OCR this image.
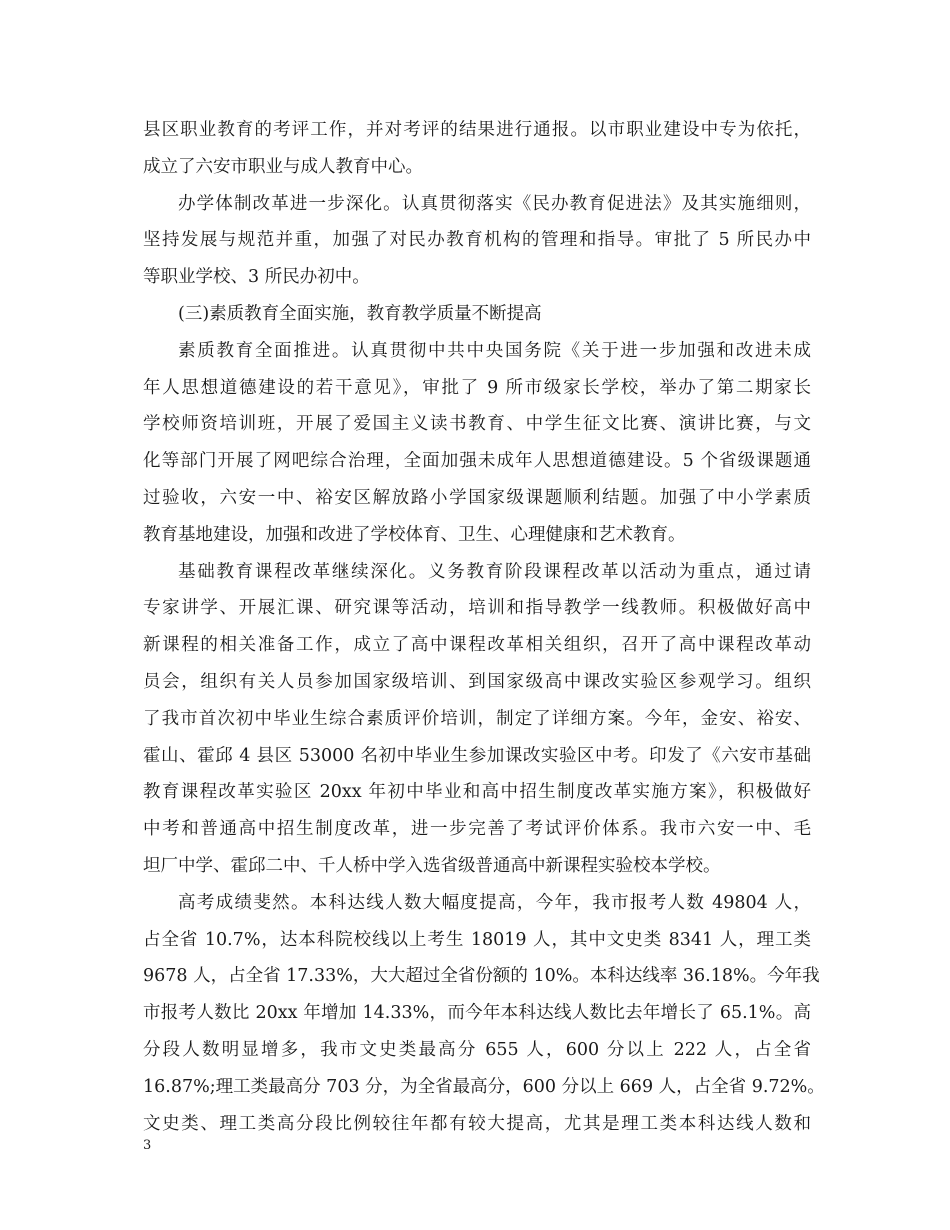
县区职业教育的考评工作，并对考评的结果进行通报。以市职业建设中专为依托，
成立了六安市职业与成人教育中心。
办学体制改革进一步深化。认真贯彻落实《民办教育促进法》及其实施细则，
坚持发展与规范并重，加强了对民办教育机构的管理和指导。审批了 5 所民办中
等职业学校、3 所民办初中。
(三)素质教育全面实施，教育教学质量不断提高
素质教育全面推进。认真贯彻中共中央国务院《关于进一步加强和改进未成
年人思想道德建设的若干意见》，审批了 9 所市级家长学校，举办了第二期家长
学校师资培训班，开展了爱国主义读书教育、中学生征文比赛、演讲比赛，与文
化等部门开展了网吧综合治理，全面加强未成年人思想道德建设。5 个省级课题通
过验收，六安一中、裕安区解放路小学国家级课题顺利结题。加强了中小学素质
教育基地建设，加强和改进了学校体育、卫生、心理健康和艺术教育。
基础教育课程改革继续深化。义务教育阶段课程改革以活动为重点，通过请
专家讲学、开展汇课、研究课等活动，培训和指导教学一线教师。积极做好高中
新课程的相关准备工作，成立了高中课程改革相关组织，召开了高中课程改革动
员会，组织有关人员参加国家级培训、到国家级高中课改实验区参观学习。组织
了我市首次初中毕业生综合素质评价培训，制定了详细方案。今年，金安、裕安、
霍山、霍邱 4 县区 53000 名初中毕业生参加课改实验区中考。印发了《六安市基础
教育课程改革实验区 20xx 年初中毕业和高中招生制度改革实施方案》，积极做好
中考和普通高中招生制度改革，进一步完善了考试评价体系。我市六安一中、毛
坦厂中学、霍邱二中、千人桥中学入选省级普通高中新课程实验校本学校。
高考成绩斐然。本科达线人数大幅度提高，今年，我市报考人数 49804 人，
占全省 10.7%，达本科院校线以上考生 18019 人，其中文史类 8341 人，理工类
9678 人，占全省 17.33%，大大超过全省份额的 10%。本科达线率 36.18%。今年我
市报考人数比 20xx 年增加 14.33%，而今年本科达线人数比去年增长了 65.1%。高
分段人数明显增多，我市文史类最高分 655 人，600 分以上 222 人，占全省
16.87%;理工类最高分 703 分，为全省最高分，600 分以上 669 人，占全省 9.72%。
文史类、理工类高分段比例较往年都有较大提高，尤其是理工类本科达线人数和
3
